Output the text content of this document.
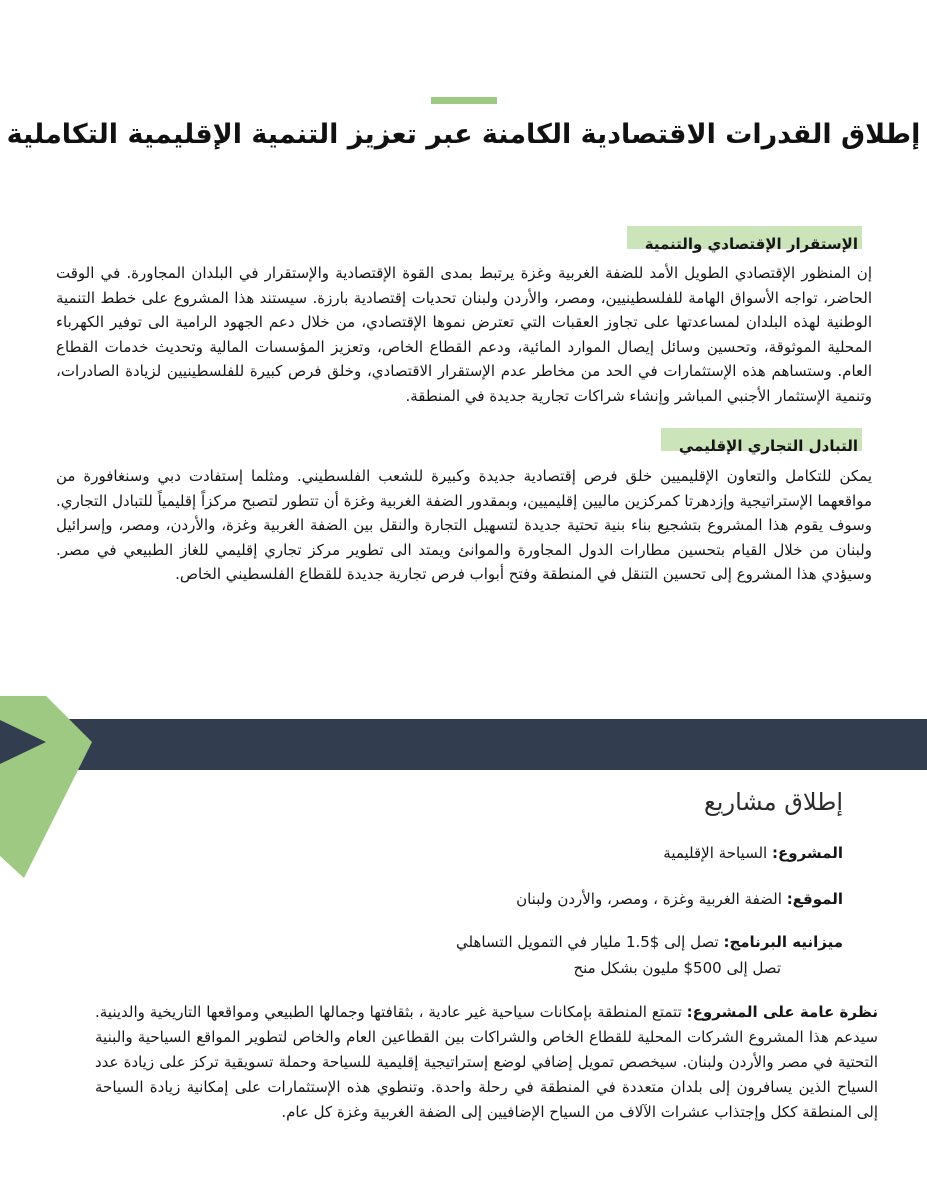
إطلاق القدرات الاقتصادية الكامنة عبر تعزيز التنمية الإقليمية التكاملية
الإستقرار الإقتصادي والتنمية
إن المنظور الإقتصادي الطويل الأمد للضفة الغربية وغزة يرتبط بمدى القوة الإقتصادية والإستقرار في البلدان المجاورة. في الوقت الحاضر، تواجه الأسواق الهامة للفلسطينيين، ومصر، والأردن ولبنان تحديات إقتصادية بارزة. سيستند هذا المشروع على خطط التنمية الوطنية لهذه البلدان لمساعدتها على تجاوز العقبات التي تعترض نموها الإقتصادي، من خلال دعم الجهود الرامية الى توفير الكهرباء المحلية الموثوقة، وتحسين وسائل إيصال الموارد المائية، ودعم القطاع الخاص، وتعزيز المؤسسات المالية وتحديث خدمات القطاع العام. وستساهم هذه الإستثمارات في الحد من مخاطر عدم الإستقرار الاقتصادي، وخلق فرص كبيرة للفلسطينيين لزيادة الصادرات، وتنمية الإستثمار الأجنبي المباشر وإنشاء شراكات تجارية جديدة في المنطقة.
التبادل التجاري الإقليمي
يمكن للتكامل والتعاون الإقليميين خلق فرص إقتصادية جديدة وكبيرة للشعب الفلسطيني. ومثلما إستفادت دبي وسنغافورة من مواقعهما الإستراتيجية وإزدهرتا كمركزين ماليين إقليميين، وبمقدور الضفة الغربية وغزة أن تتطور لتصبح مركزاً إقليمياً للتبادل التجاري. وسوف يقوم هذا المشروع بتشجيع بناء بنية تحتية جديدة لتسهيل التجارة والنقل بين الضفة الغربية وغزة، والأردن، ومصر، وإسرائيل ولبنان من خلال القيام بتحسين مطارات الدول المجاورة والموانئ ويمتد الى تطوير مركز تجاري إقليمي للغاز الطبيعي في مصر. وسيؤدي هذا المشروع إلى تحسين التنقل في المنطقة وفتح أبواب فرص تجارية جديدة للقطاع الفلسطيني الخاص.
إطلاق مشاريع
المشروع: السياحة الإقليمية
الموقع: الضفة الغربية وغزة ، ومصر، والأردن ولبنان
ميزانيه البرنامج: تصل إلى $1.5 مليار في التمويل التساهلي
تصل إلى 500$ مليون بشكل منح
نظرة عامة على المشروع: تتمتع المنطقة بإمكانات سياحية غير عادية ، بثقافتها وجمالها الطبيعي ومواقعها التاريخية والدينية. سيدعم هذا المشروع الشركات المحلية للقطاع الخاص والشراكات بين القطاعين العام والخاص لتطوير المواقع السياحية والبنية التحتية في مصر والأردن ولبنان. سيخصص تمويل إضافي لوضع إستراتيجية إقليمية للسياحة وحملة تسويقية تركز على زيادة عدد السياح الذين يسافرون إلى بلدان متعددة في المنطقة في رحلة واحدة. وتنطوي هذه الإستثمارات على إمكانية زيادة السياحة إلى المنطقة ككل وإجتذاب عشرات الآلاف من السياح الإضافيين إلى الضفة الغربية وغزة كل عام.
